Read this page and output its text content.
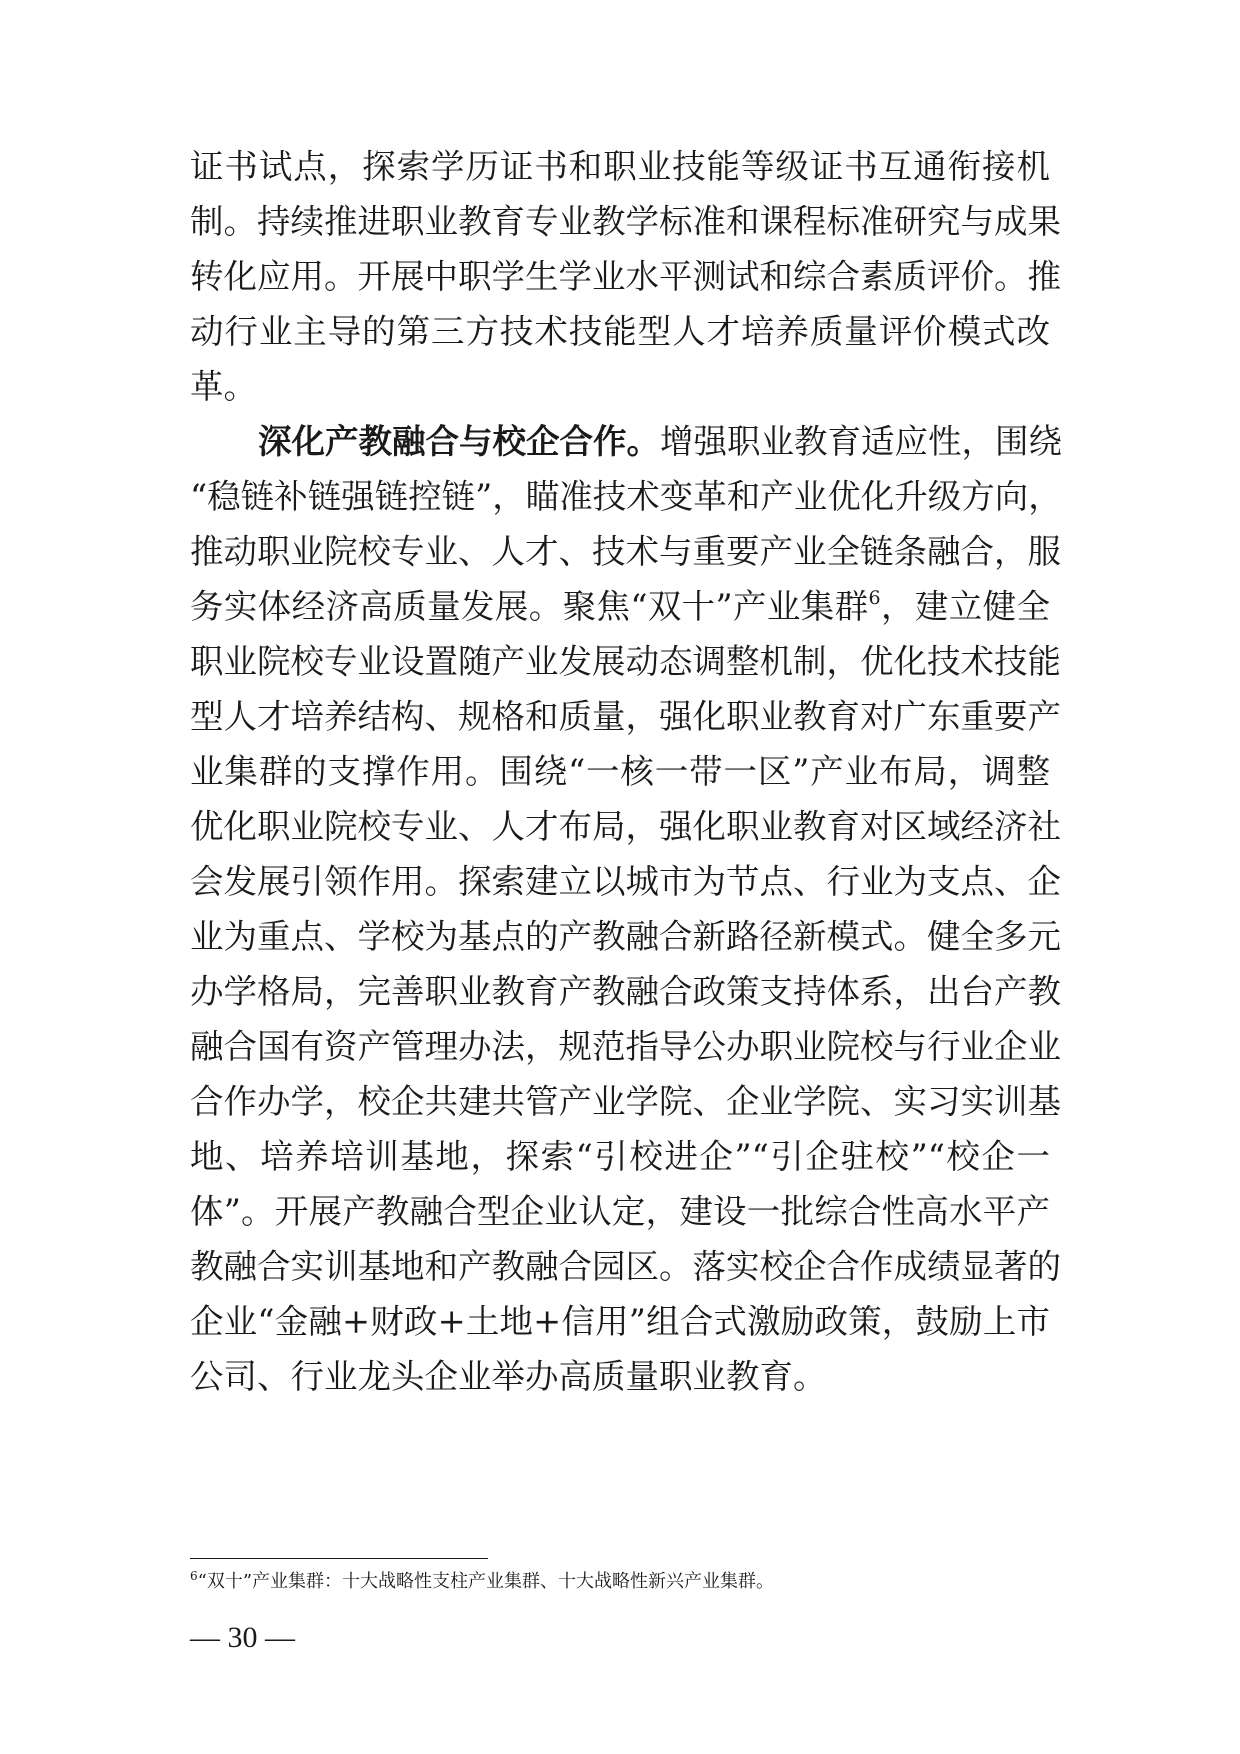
证书试点，探索学历证书和职业技能等级证书互通衔接机
制。持续推进职业教育专业教学标准和课程标准研究与成果
转化应用。开展中职学生学业水平测试和综合素质评价。推
动行业主导的第三方技术技能型人才培养质量评价模式改
革。
深化产教融合与校企合作。增强职业教育适应性，围绕
“稳链补链强链控链”，瞄准技术变革和产业优化升级方向，
推动职业院校专业、人才、技术与重要产业全链条融合，服
务实体经济高质量发展。聚焦“双十”产业集群$^6$，建立健全
职业院校专业设置随产业发展动态调整机制，优化技术技能
型人才培养结构、规格和质量，强化职业教育对广东重要产
业集群的支撑作用。围绕“一核一带一区”产业布局，调整
优化职业院校专业、人才布局，强化职业教育对区域经济社
会发展引领作用。探索建立以城市为节点、行业为支点、企
业为重点、学校为基点的产教融合新路径新模式。健全多元
办学格局，完善职业教育产教融合政策支持体系，出台产教
融合国有资产管理办法，规范指导公办职业院校与行业企业
合作办学，校企共建共管产业学院、企业学院、实习实训基
地、培养培训基地，探索“引校进企”“引企驻校”“校企一
体”。开展产教融合型企业认定，建设一批综合性高水平产
教融合实训基地和产教融合园区。落实校企合作成绩显著的
企业“金融+财政+土地+信用”组合式激励政策，鼓励上市
公司、行业龙头企业举办高质量职业教育。
$^6$“双十”产业集群：十大战略性支柱产业集群、十大战略性新兴产业集群。
— 30 —
